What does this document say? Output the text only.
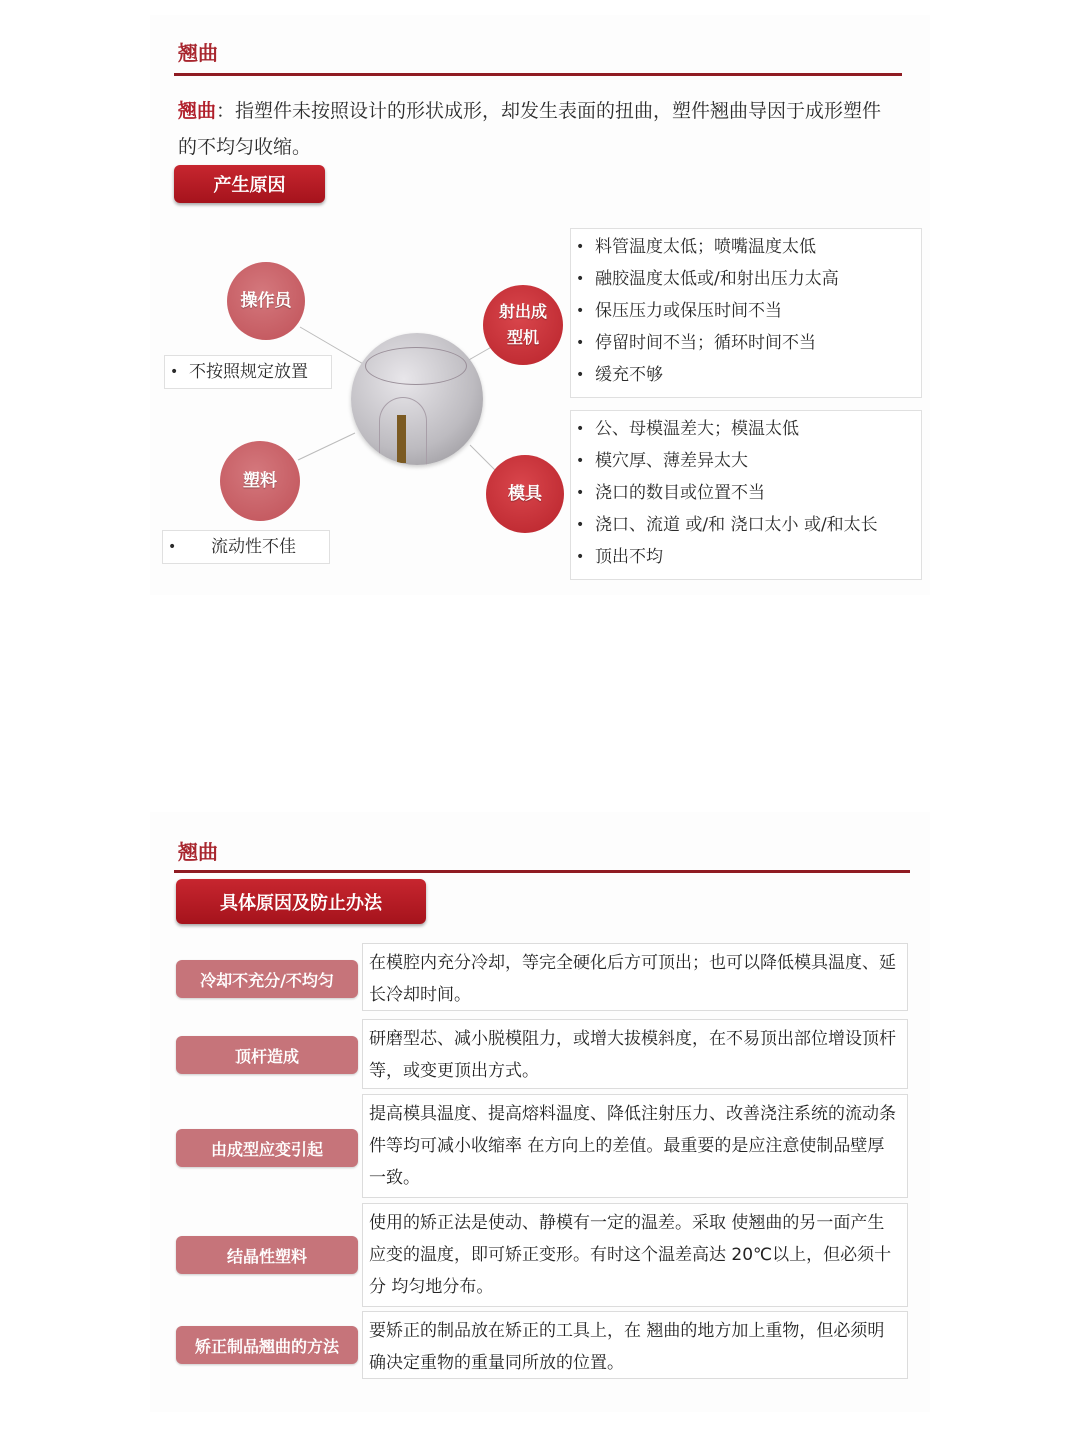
翘曲
翘曲：指塑件未按照设计的形状成形，却发生表面的扭曲，塑件翘曲导因于成形塑件的不均匀收缩。
产生原因
操作员
• 不按照规定放置
射出成型机
• 料管温度太低；喷嘴温度太低
• 融胶温度太低或/和射出压力太高
• 保压压力或保压时间不当
• 停留时间不当；循环时间不当
• 缓充不够
塑料
• 流动性不佳
模具
• 公、母模温差大；模温太低
• 模穴厚、薄差异太大
• 浇口的数目或位置不当
• 浇口、流道 或/和 浇口太小 或/和太长
• 顶出不均
翘曲
具体原因及防止办法
冷却不充分/不均匀
在模腔内充分冷却，等完全硬化后方可顶出；也可以降低模具温度、延长冷却时间。
顶杆造成
研磨型芯、减小脱模阻力，或增大拔模斜度，在不易顶出部位增设顶杆等，或变更顶出方式。
由成型应变引起
提高模具温度、提高熔料温度、降低注射压力、改善浇注系统的流动条件等均可减小收缩率 在方向上的差值。最重要的是应注意使制品壁厚一致。
结晶性塑料
使用的矫正法是使动、静模有一定的温差。采取 使翘曲的另一面产生应变的温度，即可矫正变形。有时这个温差高达 20℃以上，但必须十分 均匀地分布。
矫正制品翘曲的方法
要矫正的制品放在矫正的工具上，在 翘曲的地方加上重物，但必须明确决定重物的重量同所放的位置。
